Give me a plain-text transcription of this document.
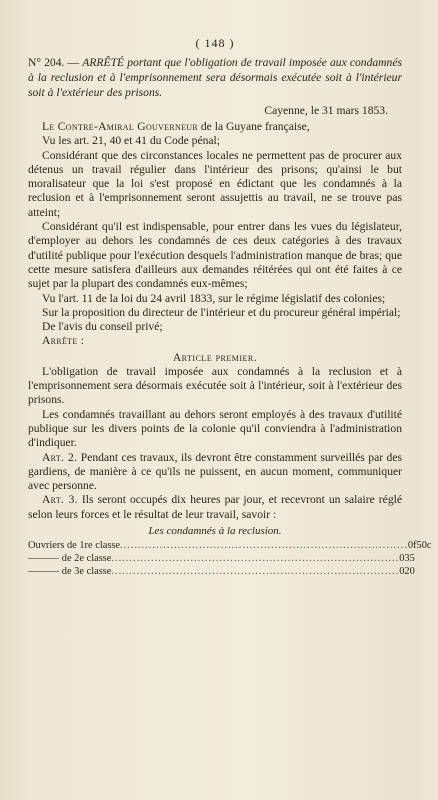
( 148 )
N° 204. — ARRÊTÉ portant que l'obligation de travail imposée aux condamnés à la reclusion et à l'emprisonnement sera désormais exécutée soit à l'intérieur soit à l'extérieur des prisons.
Cayenne, le 31 mars 1853.

Le Contre-Amiral Gouverneur de la Guyane française,

Vu les art. 21, 40 et 41 du Code pénal;

Considérant que des circonstances locales ne permettent pas de procurer aux détenus un travail régulier dans l'intérieur des prisons; qu'ainsi le but moralisateur que la loi s'est proposé en édictant que les condamnés à la reclusion et à l'emprisonnement seront assujettis au travail, ne se trouve pas atteint;

Considérant qu'il est indispensable, pour entrer dans les vues du législateur, d'employer au dehors les condamnés de ces deux catégories à des travaux d'utilité publique pour l'exécution desquels l'administration manque de bras; que cette mesure satisfera d'ailleurs aux demandes réitérées qui ont été faites à ce sujet par la plupart des condamnés eux-mêmes;

Vu l'art. 11 de la loi du 24 avril 1833, sur le régime législatif des colonies;

Sur la proposition du directeur de l'intérieur et du procureur général impérial;

De l'avis du conseil privé;

Arrête :

Article premier.

L'obligation de travail imposée aux condamnés à la reclusion et à l'emprisonnement sera désormais exécutée soit à l'intérieur, soit à l'extérieur des prisons.

Les condamnés travaillant au dehors seront employés à des travaux d'utilité publique sur les divers points de la colonie qu'il conviendra à l'administration d'indiquer.

Art. 2. Pendant ces travaux, ils devront être constamment surveillés par des gardiens, de manière à ce qu'ils ne puissent, en aucun moment, communiquer avec personne.

Art. 3. Ils seront occupés dix heures par jour, et recevront un salaire réglé selon leurs forces et le résultat de leur travail, savoir :

Les condamnés à la reclusion.
Ouvriers de 1re classe ................................................................................ 0f 50c
——— de 2e classe ................................................................................ 0 35
——— de 3e classe ................................................................................ 0 20
